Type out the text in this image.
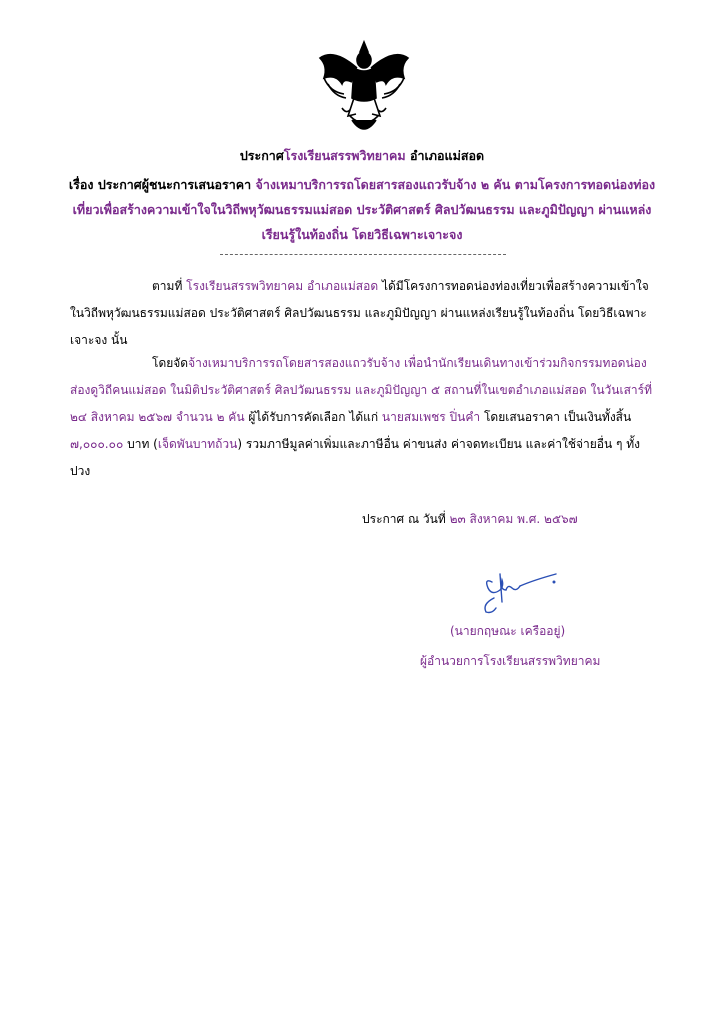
ประกาศโรงเรียนสรรพวิทยาคม อำเภอแม่สอด
เรื่อง ประกาศผู้ชนะการเสนอราคา จ้างเหมาบริการรถโดยสารสองแถวรับจ้าง ๒ คัน ตามโครงการทอดน่องท่องเที่ยวเพื่อสร้างความเข้าใจในวิถีพหุวัฒนธรรมแม่สอด ประวัติศาสตร์ ศิลปวัฒนธรรม และภูมิปัญญา ผ่านแหล่งเรียนรู้ในท้องถิ่น โดยวิธีเฉพาะเจาะจง
ตามที่ โรงเรียนสรรพวิทยาคม อำเภอแม่สอด ได้มีโครงการทอดน่องท่องเที่ยวเพื่อสร้างความเข้าใจในวิถีพหุวัฒนธรรมแม่สอด ประวัติศาสตร์ ศิลปวัฒนธรรม และภูมิปัญญา ผ่านแหล่งเรียนรู้ในท้องถิ่น โดยวิธีเฉพาะเจาะจง นั้น
โดยจัดจ้างเหมาบริการรถโดยสารสองแถวรับจ้าง เพื่อนำนักเรียนเดินทางเข้าร่วมกิจกรรมทอดน่องส่องดูวิถีคนแม่สอด ในมิติประวัติศาสตร์ ศิลปวัฒนธรรม และภูมิปัญญา ๕ สถานที่ในเขตอำเภอแม่สอด ในวันเสาร์ที่ ๒๔ สิงหาคม ๒๕๖๗ จำนวน ๒ คัน ผู้ได้รับการคัดเลือก ได้แก่ นายสมเพชร ปิ่นคำ โดยเสนอราคา เป็นเงินทั้งสิ้น ๗,๐๐๐.๐๐ บาท (เจ็ดพันบาทถ้วน) รวมภาษีมูลค่าเพิ่มและภาษีอื่น ค่าขนส่ง ค่าจดทะเบียน และค่าใช้จ่ายอื่น ๆ ทั้งปวง
ประกาศ ณ วันที่ ๒๓ สิงหาคม พ.ศ. ๒๕๖๗
(นายกฤษณะ เครืออยู่)
ผู้อำนวยการโรงเรียนสรรพวิทยาคม
